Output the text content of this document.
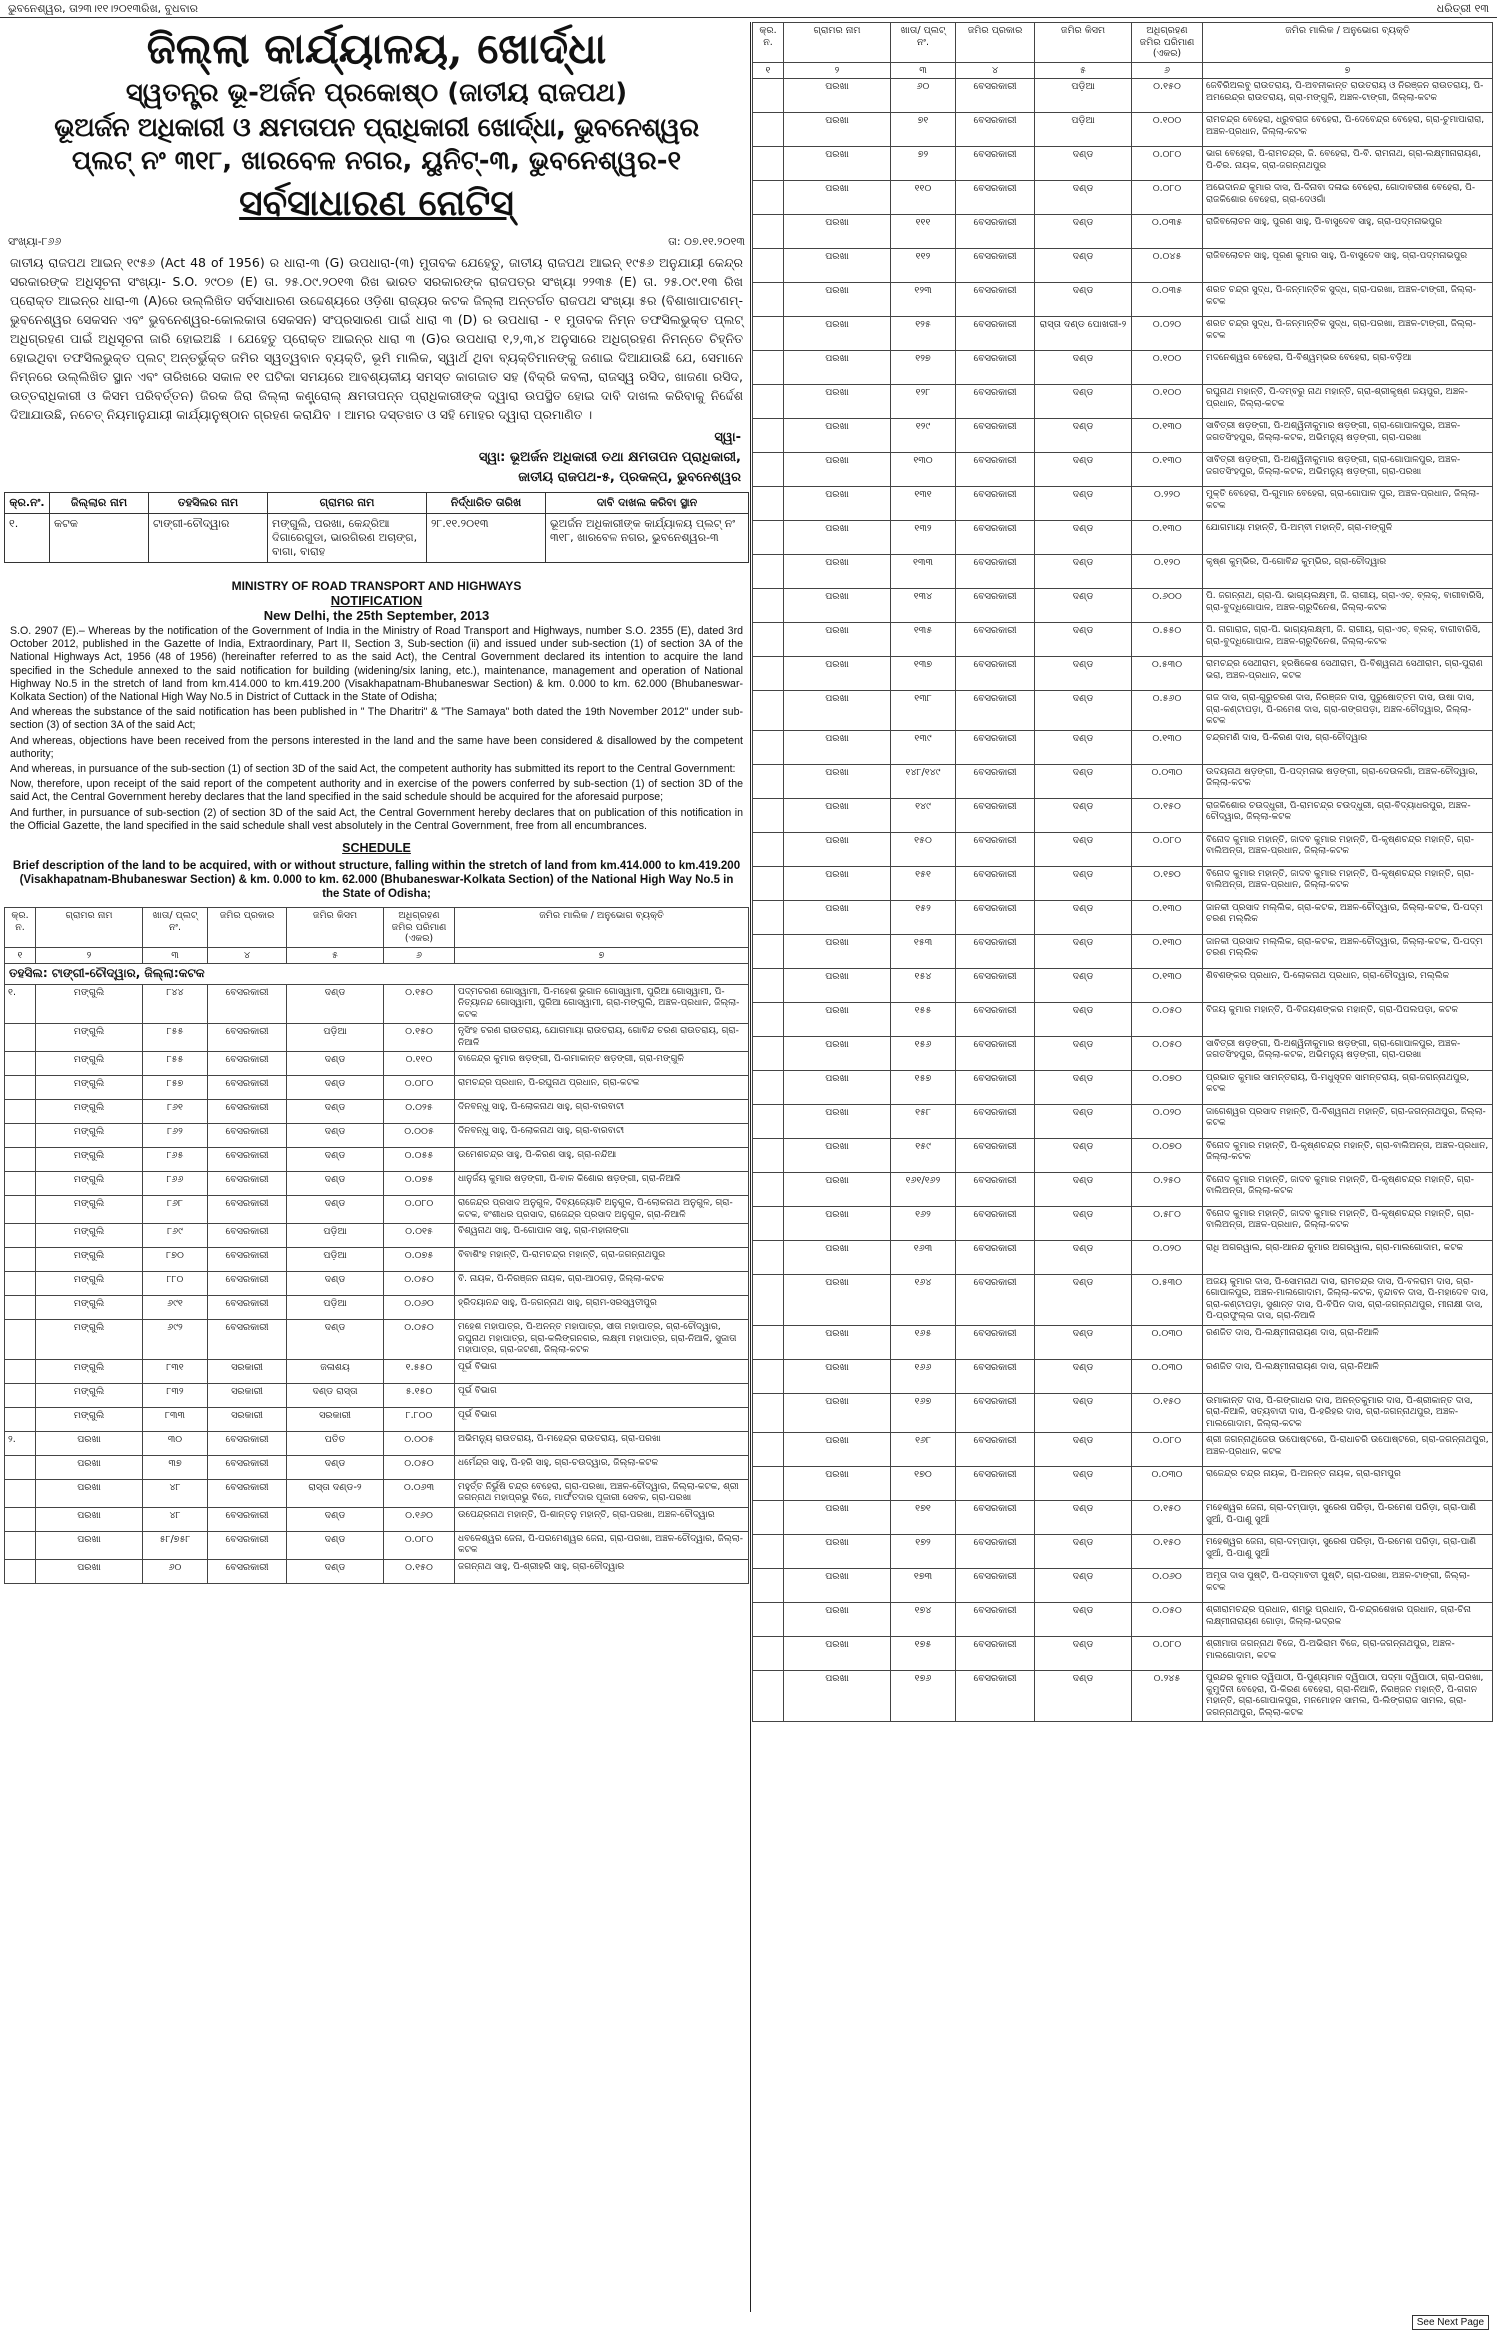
ଭୁବନେଶ୍ୱର, ତା୨୩।୧୧।୨୦୧୩ରିଖ, ବୁଧବାର	ଧରିତ୍ରୀ ୧୩
ଜିଲ୍ଲା କାର୍ଯ୍ୟାଳୟ, ଖୋର୍ଦ୍ଧା
ସ୍ୱତନ୍ତ୍ର ଭୂ-ଅର୍ଜନ ପ୍ରକୋଷ୍ଠ (ଜାତୀୟ ରାଜପଥ)
ଭୂଅର୍ଜନ ଅଧିକାରୀ ଓ କ୍ଷମତାପନ ପ୍ରାଧିକାରୀ ଖୋର୍ଦ୍ଧା, ଭୁବନେଶ୍ୱର
ପ୍ଲଟ୍ ନଂ ୩୧୮, ଖାରବେଳ ନଗର, ୟୁନିଟ୍-୩, ଭୁବନେଶ୍ୱର-୧
ସର୍ବସାଧାରଣ ନୋଟିସ୍
ସଂଖ୍ୟା-୮୬୬	ତା: ୦୭.୧୧.୨୦୧୩
ଜାତୀୟ ରାଜପଥ ଆଇନ୍ ୧୯୫୬ (Act 48 of 1956) ର ଧାରା-୩ (G) ଉପଧାରା-(୩) ମୁତାବକ ଯେହେତୁ, ଜାତୀୟ ରାଜପଥ ଆଇନ୍ ୧୯୫୬ ଅନୁଯାୟୀ କେନ୍ଦ୍ର ସରକାରଙ୍କ ଅଧିସୂଚନା ସଂଖ୍ୟା- S.O. ୨୯୦୭ (E) ତା. ୨୫.୦୯.୨୦୧୩ ରିଖ ଭାରତ ସରକାରଙ୍କ ରାଜପତ୍ର ସଂଖ୍ୟା ୨୨୩୫ (E) ତା. ୨୫.୦୯.୧୩ ରିଖ ପ୍ରୋକ୍ତ ଆଇନ୍‌ର ଧାରା-୩ (A)ରେ ଉଲ୍ଲିଖିତ ସର୍ବସାଧାରଣ ଉଦ୍ଦେଶ୍ୟରେ ଓଡ଼ିଶା ରାଜ୍ୟର କଟକ ଜିଲ୍ଲା ଅନ୍ତର୍ଗତ ରାଜପଥ ସଂଖ୍ୟା ୫ର (ବିଶାଖାପାଟଣମ୍-ଭୁବନେଶ୍ୱର ସେକସନ ଏବଂ ଭୁବନେଶ୍ୱର-କୋଲକାତା ସେକସନ) ସଂପ୍ରସାରଣ ପାଇଁ ଧାରା ୩ (D) ର ଉପଧାରା - ୧ ମୁତାବକ ନିମ୍ନ ତଫସିଲଭୁକ୍ତ ପ୍ଲଟ୍ ଅଧିଗ୍ରହଣ ପାଇଁ ଅଧିସୂଚନା ଜାରି ହୋଇଅଛି । ଯେହେତୁ ପ୍ରୋକ୍ତ ଆଇନ୍‌ର ଧାରା ୩ (G)ର ଉପଧାରା ୧,୨,୩,୪ ଅନୁସାରେ ଅଧିଗ୍ରହଣ ନିମନ୍ତେ ଚିହ୍ନିତ ହୋଇଥିବା ତଫସିଲଭୁକ୍ତ ପ୍ଲଟ୍ ଅନ୍ତର୍ଭୁକ୍ତ ଜମିର ସ୍ୱତ୍ୱବାନ ବ୍ୟକ୍ତି, ଭୂମି ମାଲିକ, ସ୍ୱାର୍ଥ ଥିବା ବ୍ୟକ୍ତିମାନଙ୍କୁ ଜଣାଇ ଦିଆଯାଉଛି ଯେ, ସେମାନେ ନିମ୍ନରେ ଉଲ୍ଲିଖିତ ସ୍ଥାନ ଏବଂ ତାରିଖରେ ସକାଳ ୧୧ ଘଟିକା ସମୟରେ ଆବଶ୍ୟକୀୟ ସମସ୍ତ କାଗଜାତ ସହ (ବିକ୍ରି କବଲା, ରାଜସ୍ୱ ରସିଦ, ଖାଜଣା ରସିଦ, ଉତ୍ତରାଧିକାରୀ ଓ କିସମ ପରିବର୍ତ୍ତନ) ଜିରକ ଜିରା ଜିଲ୍ଲା କଣ୍ଟ୍ରୋଲ୍ କ୍ଷମତାପନ୍ନ ପ୍ରାଧିକାରୀଙ୍କ ଦ୍ୱାରା ଉପସ୍ଥିତ ହୋଇ ଦାବି ଦାଖଲ କରିବାକୁ ନିର୍ଦ୍ଦେଶ ଦିଆଯାଉଛି, ନଚେତ୍ ନିୟମାନୁଯାୟୀ କାର୍ଯ୍ୟାନୁଷ୍ଠାନ ଗ୍ରହଣ କରାଯିବ । ଆମର ଦସ୍ତଖତ ଓ ସହି ମୋହର ଦ୍ୱାରା ପ୍ରମାଣିତ ।
ସ୍ୱା-
ସ୍ୱା: ଭୂଅର୍ଜନ ଅଧିକାରୀ ତଥା କ୍ଷମତାପନ ପ୍ରାଧିକାରୀ,
ଜାତୀୟ ରାଜପଥ-୫, ପ୍ରକଳ୍ପ, ଭୁବନେଶ୍ୱର
କ୍ର.ନଂ.	ଜିଲ୍ଲାର ନାମ	ତହସିଲର ନାମ	ଗ୍ରାମର ନାମ	ନିର୍ଦ୍ଧାରିତ ତାରିଖ	ଦାବି ଦାଖଲ କରିବା ସ୍ଥାନ
୧.	କଟକ	ଟାଙ୍ଗୀ-ଚୌଦ୍ୱାର	ମଙ୍ଗୁଲି, ପରଖା, କେନ୍ଦ୍ରିଆ ଦିଗାରେଗୁଡା, ଭାରଗିରଣ ଅଚାଙ୍ଗ, ବାଗା, ବାରାହ	୨୮.୧୧.୨୦୧୩	ଭୂଅର୍ଜନ ଅଧିକାରୀଙ୍କ କାର୍ଯ୍ୟାଳୟ ପ୍ଲଟ୍ ନଂ ୩୧୮, ଖାରବେଳ ନଗର, ଭୁବନେଶ୍ୱର-୩
MINISTRY OF ROAD TRANSPORT AND HIGHWAYS
NOTIFICATION
New Delhi, the 25th September, 2013

S.O. 2907 (E).– Whereas by the notification of the Government of India in the Ministry of Road Transport and Highways, number S.O. 2355 (E), dated 3rd October 2012, published in the Gazette of India, Extraordinary, Part II, Section 3, Sub-section (ii) and issued under sub-section (1) of section 3A of the National Highways Act, 1956 (48 of 1956) (hereinafter referred to as the said Act), the Central Government declared its intention to acquire the land specified in the Schedule annexed to the said notification for building (widening/six laning, etc.), maintenance, management and operation of National Highway No.5 in the stretch of land from km.414.000 to km.419.200 (Visakhapatnam-Bhubaneswar Section) & km. 0.000 to km. 62.000 (Bhubaneswar-Kolkata Section) of the National High Way No.5 in District of Cuttack in the State of Odisha;

And whereas the substance of the said notification has been published in " The Dharitri" & "The Samaya" both dated the 19th November 2012" under sub-section (3) of section 3A of the said Act;

And whereas, objections have been received from the persons interested in the land and the same have been considered & disallowed by the competent authority;

And whereas, in pursuance of the sub-section (1) of section 3D of the said Act, the competent authority has submitted its report to the Central Government:

Now, therefore, upon receipt of the said report of the competent authority and in exercise of the powers conferred by sub-section (1) of section 3D of the said Act, the Central Government hereby declares that the land specified in the said schedule should be acquired for the aforesaid purpose;

And further, in pursuance of sub-section (2) of section 3D of the said Act, the Central Government hereby declares that on publication of this notification in the Official Gazette, the land specified in the said schedule shall vest absolutely in the Central Government, free from all encumbrances.

SCHEDULE
Brief description of the land to be acquired, with or without structure, falling within the stretch of land from km.414.000 to km.419.200 (Visakhapatnam-Bhubaneswar Section) & km. 0.000 to km. 62.000 (Bhubaneswar-Kolkata Section) of the National High Way No.5 in the State of Odisha;
କ୍ର. ନ.	ଗ୍ରାମର ନାମ	ଖାତା/ ପ୍ଲଟ୍ ନଂ.	ଜମିର ପ୍ରକାର	ଜମିର କିସମ	ଅଧିଗ୍ରହଣ ଜମିର ପରିମାଣ (ଏକର)	ଜମିର ମାଲିକ / ଅନୁଭୋଗ ବ୍ୟକ୍ତି
୧	୨	୩	୪	୫	୬	୭
ତହସିଲ: ଟାଙ୍ଗୀ-ଚୌଦ୍ୱାର, ଜିଲ୍ଲା:କଟକ						
୧.	ମଙ୍ଗୁଲି	୮୪୪	ବେସରକାରୀ	ଦଣ୍ଡ	୦.୧୫୦	ପଦ୍ମଚରଣ ଗୋସ୍ୱାମୀ, ପି-ମହେଶ ଭୁଗାନ ଗୋସ୍ୱାମୀ, ପୁରିଆ ଗୋସ୍ୱାମୀ, ପି-ନିତ୍ୟାନନ୍ଦ ଗୋସ୍ୱାମୀ, ପୁରିଆ ଗୋସ୍ୱାମୀ, ଗ୍ରା-ମଙ୍ଗୁଲି, ଅଞ୍ଚଳ-ପ୍ରଧାନ, ଜିଲ୍ଲା-କଟକ
	ମଙ୍ଗୁଲି	୮୫୫	ବେସରକାରୀ	ପଡ଼ିଆ	୦.୧୫୦	ନୃସିଂହ ଚରଣ ରାଉତରାୟ, ଯୋଗମାୟା ରାଉତରାୟ, ଗୋବିନ୍ଦ ଚରଣ ରାଉତରାୟ, ଗ୍ରା-ନିଆଳି
	ମଙ୍ଗୁଲି	୮୫୫	ବେସରକାରୀ	ଦଣ୍ଡ	୦.୧୧୦	ବାଜେନ୍ଦ୍ର କୁମାର ଷଡ଼ଙ୍ଗୀ, ପି-ରମାକାନ୍ତ ଷଡ଼ଙ୍ଗୀ, ଗ୍ରା-ମଙ୍ଗୁଳି
	ମଙ୍ଗୁଲି	୮୫୭	ବେସରକାରୀ	ଦଣ୍ଡ	୦.୦୮୦	ରାମଚନ୍ଦ୍ର ପ୍ରଧାନ, ପି-ରଘୁନାଥ ପ୍ରଧାନ, ଗ୍ରା-କଟକ
	ମଙ୍ଗୁଲି	୮୬୧	ବେସରକାରୀ	ଦଣ୍ଡ	୦.୦୨୫	ଦିନବନ୍ଧୁ ସାହୁ, ପି-ଲୋକନାଥ ସାହୁ, ଗ୍ରା-ବାରବାଟୀ
	ମଙ୍ଗୁଲି	୮୬୨	ବେସରକାରୀ	ଦଣ୍ଡ	୦.୦୦୫	ଦିନବନ୍ଧୁ ସାହୁ, ପି-ଲୋକନାଥ ସାହୁ, ଗ୍ରା-ବାରବାଟୀ
	ମଙ୍ଗୁଲି	୮୬୫	ବେସରକାରୀ	ଦଣ୍ଡ	୦.୦୫୫	ଉମେଶଚନ୍ଦ୍ର ସାହୁ, ପି-କିରଣ ସାହୁ, ଗ୍ରା-ନନ୍ଦିଆ
	ମଙ୍ଗୁଲି	୮୬୬	ବେସରକାରୀ	ଦଣ୍ଡ	୦.୦୭୫	ଧାନୁର୍ଜୟ କୁମାର ଷଡ଼ଙ୍ଗୀ, ପି-ବାଳ କିଶୋର ଷଡ଼ଙ୍ଗୀ, ଗ୍ରା-ନିଆଳି
	ମଙ୍ଗୁଲି	୮୬୮	ବେସରକାରୀ	ଦଣ୍ଡ	୦.୦୮୦	ରାଜେନ୍ଦ୍ର ପ୍ରସାଦ ଅନୁଗୁଳ, ଦିବ୍ୟଜ୍ୟୋତି ଅନୁଗୁଳ, ପି-ଲୋକନାଥ ଅନୁଗୁଳ, ଗ୍ରା-କଟକ, ବଂଶୀଧର ପ୍ରସାଦ, ରାଜେନ୍ଦ୍ର ପ୍ରସାଦ ଅନୁଗୁଳ, ଗ୍ରା-ନିଆଳି
	ମଙ୍ଗୁଲି	୮୬୯	ବେସରକାରୀ	ପଡ଼ିଆ	୦.୦୧୫	ବିଶ୍ୱନାଥ ସାହୁ, ପି-ଗୋପାଳ ସାହୁ, ଗ୍ରା-ମହାନାଙ୍ଗା
	ମଙ୍ଗୁଲି	୮୭୦	ବେସରକାରୀ	ପଡ଼ିଆ	୦.୦୭୫	ବିବାଶିଂହ ମହାନ୍ତି, ପି-ରାମଚନ୍ଦ୍ର ମହାନ୍ତି, ଗ୍ରା-ଜଗନ୍ନାଥପୁର
	ମଙ୍ଗୁଲି	୮୮୦	ବେସରକାରୀ	ଦଣ୍ଡ	୦.୦୫୦	ବି. ନାୟକ, ପି-ନିରଞ୍ଜନ ନାୟକ, ଗ୍ରା-ଆଠଗଡ଼, ଜିଲ୍ଲା-କଟକ
	ମଙ୍ଗୁଲି	୬୯୧	ବେସରକାରୀ	ପଡ଼ିଆ	୦.୦୬୦	ହ୍ରିଦୟାନନ୍ଦ ସାହୁ, ପି-ଜଗନ୍ନାଥ ସାହୁ, ଗ୍ରାମ-ସରସ୍ୱତୀପୁର
	ମଙ୍ଗୁଲି	୬୯୨	ବେସରକାରୀ	ଦଣ୍ଡ	୦.୦୫୦	ମହେଶ ମହାପାତ୍ର, ପି-ଅନନ୍ତ ମହାପାତ୍ର, ସୀତା ମହାପାତ୍ର, ଗ୍ରା-ଚୌଦ୍ୱାର, ରଘୁନାଥ ମହାପାତ୍ର, ଗ୍ରା-କଲିଙ୍ଗନଗର, ଲକ୍ଷ୍ମୀ ମହାପାତ୍ର, ଗ୍ରା-ନିଆଳି, ସୁଜାତା ମହାପାତ୍ର, ଗ୍ରା-ଜଟଣୀ, ଜିଲ୍ଲା-କଟକ
	ମଙ୍ଗୁଲି	୮୩୧	ସରକାରୀ	ଜଳାଶୟ	୧.୫୫୦	ପୂର୍ଭ ବିଭାଗ
	ମଙ୍ଗୁଲି	୮୩୨	ସରକାରୀ	ଦଣ୍ଡ ରାସ୍ତା	୫.୧୫୦	ପୂର୍ଭ ବିଭାଗ
	ମଙ୍ଗୁଲି	୮୩୩	ସରକାରୀ	ସରକାରୀ	୮.୮୦୦	ପୂର୍ଭ ବିଭାଗ
୨.	ପରଖା	୩୦	ବେସରକାରୀ	ପତିତ	୦.୦୦୫	ଅଭିମନ୍ୟୁ ରାଉତରାୟ, ପି-ମହେନ୍ଦ୍ର ରାଉତରାୟ, ଗ୍ରା-ପରଖା
	ପରଖା	୩୭	ବେସରକାରୀ	ଦଣ୍ଡ	୦.୦୫୦	ଧର୍ମେନ୍ଦ୍ର ସାହୁ, ପି-ହରି ସାହୁ, ଗ୍ରା-ଚଉଦ୍ୱାର, ଜିଲ୍ଲା-କଟକ
	ପରଖା	୪୮	ବେସରକାରୀ	ରାସ୍ତା ଦଣ୍ଡ-୨	୦.୦୬୩	ମହୁର୍ତ୍ତ ନିର୍ଭୁଷି ଚନ୍ଦ୍ର ବେହେରା, ଗ୍ରା-ପରଖା, ଅଞ୍ଚଳ-ଚୌଦ୍ୱାର, ଜିଲ୍ଲା-କଟକ, ଶ୍ରୀ ଜଗନ୍ନାଥ ମହାପ୍ରଭୁ ବିଜେ, ମାର୍ଫତଦାର ପୂଜାରୀ ସେବକ, ଗ୍ରା-ପରଖା
	ପରଖା	୪୮	ବେସରକାରୀ	ଦଣ୍ଡ	୦.୧୬୦	ଉପେନ୍ଦ୍ରନାଥ ମହାନ୍ତି, ପି-ଶାନ୍ତନୁ ମହାନ୍ତି, ଗ୍ରା-ପରଖା, ଅଞ୍ଚଳ-ଚୌଦ୍ୱାର
	ପରଖା	୫୮/୭୫୮	ବେସରକାରୀ	ଦଣ୍ଡ	୦.୦୮୦	ଧବଳେଶ୍ୱର ଜେନା, ପି-ପରମେଶ୍ୱର ଜେନା, ଗ୍ରା-ପରଖା, ଅଞ୍ଚଳ-ଚୌଦ୍ୱାର, ଜିଲ୍ଲା-କଟକ
	ପରଖା	୬୦	ବେସରକାରୀ	ଦଣ୍ଡ	୦.୧୫୦	ଜଗନ୍ନାଥ ସାହୁ, ପି-ଶ୍ରୀହରି ସାହୁ, ଗ୍ରା-ଚୌଦ୍ୱାର
କ୍ର. ନ.	ଗ୍ରାମର ନାମ	ଖାତା/ ପ୍ଲଟ୍ ନଂ.	ଜମିର ପ୍ରକାର	ଜମିର କିସମ	ଅଧିଗ୍ରହଣ ଜମିର ପରିମାଣ (ଏକର)	ଜମିର ମାଲିକ / ଅନୁଭୋଗ ବ୍ୟକ୍ତି
୧	୨	୩	୪	୫	୬	୭
	ପରଖା	୬୦	ବେସରକାରୀ	ପଡ଼ିଆ	୦.୧୫୦	ଜେବିରିଅଲବୁ ରାଉତରାୟ, ପି-ଅବନୀକାନ୍ତ ରାଉତରାୟ ଓ ନିରଞ୍ଜନ ରାଉତରାୟ, ପି-ଅମରେନ୍ଦ୍ର ରାଉତରାୟ, ଗ୍ରା-ମଙ୍ଗୁଳି, ଅଞ୍ଚଳ-ଟାଙ୍ଗୀ, ଜିଲ୍ଲା-କଟକ
	ପରଖା	୭୧	ବେସରକାରୀ	ପଡ଼ିଆ	୦.୧୦୦	ରାମଚନ୍ଦ୍ର ବେହେରା, ଧ୍ରୁବରାଜ ବେହେରା, ପି-ଦେବେନ୍ଦ୍ର ବେହେରା, ଗ୍ରା-ଚୁମାପାରାରା, ଅଞ୍ଚଳ-ପ୍ରଧାନ, ଜିଲ୍ଲା-କଟକ
	ପରଖା	୭୨	ବେସରକାରୀ	ଦଣ୍ଡ	୦.୦୮୦	ଭାଗ ବେହେରା, ପି-ରାମଚନ୍ଦ୍ର, ଜି. ବେହେରା, ପି-ବି. ରାମନାଥ, ଗ୍ରା-ଲକ୍ଷ୍ମୀନାରାୟଣ, ପି-ଚିର. ନାୟକ, ଗ୍ରା-ଜଗନ୍ନାଥପୁର
	ପରଖା	୧୧୦	ବେସରକାରୀ	ଦଣ୍ଡ	୦.୦୮୦	ଅଭେଦାନନ୍ଦ କୁମାର ଦାସ, ପି-ଦିନାବା ଦଳାଇ ବେହେରା, ଗୋଦାବରୀଶ ବେହେରା, ପି-ରାଜକିଶୋର ବେହେରା, ଗ୍ରା-ଦେଓଗାଁ
	ପରଖା	୧୧୧	ବେସରକାରୀ	ଦଣ୍ଡ	୦.୦୩୫	ରାଜିବଲୋଚନ ସାହୁ, ପୁରଣ ସାହୁ, ପି-ବାସୁଦେବ ସାହୁ, ଗ୍ରା-ପଦ୍ମନାଭପୁର
	ପରଖା	୧୧୨	ବେସରକାରୀ	ଦଣ୍ଡ	୦.୦୪୫	ରାଜିବଲୋଚନ ସାହୁ, ପୂରଣ କୁମାର ସାହୁ, ପି-ବାସୁଦେବ ସାହୁ, ଗ୍ରା-ପଦ୍ମନାଭପୁର
	ପରଖା	୧୨୩	ବେସରକାରୀ	ଦଣ୍ଡ	୦.୦୩୫	ଶରତ ଚନ୍ଦ୍ର ସୁଦ୍ଧ, ପି-ଜନ୍ମାନ୍ତିକ ସୁଦ୍ଧ, ଗ୍ରା-ପରଖା, ଅଞ୍ଚଳ-ଟାଙ୍ଗୀ, ଜିଲ୍ଲା-କଟକ
	ପରଖା	୧୨୫	ବେସରକାରୀ	ରାସ୍ତା ଦଣ୍ଡ ପୋଖରୀ-୨	୦.୦୨୦	ଶରତ ଚନ୍ଦ୍ର ସୁଦ୍ଧ, ପି-ଜନ୍ମାନ୍ତିକ ସୁଦ୍ଧ, ଗ୍ରା-ପରଖା, ଅଞ୍ଚଳ-ଟାଙ୍ଗୀ, ଜିଲ୍ଲା-କଟକ
	ପରଖା	୧୨୭	ବେସରକାରୀ	ଦଣ୍ଡ	୦.୧୦୦	ମଦନେଶ୍ୱର ବେହେରା, ପି-ବିଶ୍ୱମ୍ଭର ବେହେରା, ଗ୍ରା-ବଡ଼ିଆ
	ପରଖା	୧୨୮	ବେସରକାରୀ	ଦଣ୍ଡ	୦.୧୦୦	ରଘୁନାଥ ମହାନ୍ତି, ପି-ଦମ୍ବରୁ ନାଥ ମହାନ୍ତି, ଗ୍ରା-ଶ୍ରୀକୃଷ୍ଣ ଜୟପୁର, ଅଞ୍ଚଳ-ପ୍ରଧାନ, ଜିଲ୍ଲା-କଟକ
	ପରଖା	୧୨୯	ବେସରକାରୀ	ଦଣ୍ଡ	୦.୧୩୦	ସାବିତ୍ରୀ ଷଡ଼ଙ୍ଗୀ, ପି-ଅଶ୍ୱିନୀକୁମାର ଷଡ଼ଙ୍ଗୀ, ଗ୍ରା-ଗୋପାଳପୁର, ଅଞ୍ଚଳ-ଜଗତସିଂହପୁର, ଜିଲ୍ଲା-କଟକ, ଅଭିମନ୍ୟୁ ଷଡ଼ଙ୍ଗୀ, ଗ୍ରା-ପରଖା
	ପରଖା	୧୩୦	ବେସରକାରୀ	ଦଣ୍ଡ	୦.୧୩୦	ସାବିତ୍ରୀ ଷଡ଼ଙ୍ଗୀ, ପି-ଅଶ୍ୱିନୀକୁମାର ଷଡ଼ଙ୍ଗୀ, ଗ୍ରା-ଗୋପାଳପୁର, ଅଞ୍ଚଳ-ଜଗତସିଂହପୁର, ଜିଲ୍ଲା-କଟକ, ଅଭିମନ୍ୟୁ ଷଡ଼ଙ୍ଗୀ, ଗ୍ରା-ପରଖା
	ପରଖା	୧୩୧	ବେସରକାରୀ	ଦଣ୍ଡ	୦.୨୨୦	ମୁକ୍ତି ବେହେରା, ପି-ଗୁମାନ ବେହେରା, ଗ୍ରା-ଗୋପାଳ ପୁର, ଅଞ୍ଚଳ-ପ୍ରଧାନ, ଜିଲ୍ଲା-କଟକ
	ପରଖା	୧୩୨	ବେସରକାରୀ	ଦଣ୍ଡ	୦.୧୩୦	ଯୋଗମାୟା ମହାନ୍ତି, ପି-ଅମ୍ବୀ ମହାନ୍ତି, ଗ୍ରା-ମଙ୍ଗୁଳି
	ପରଖା	୧୩୩	ବେସରକାରୀ	ଦଣ୍ଡ	୦.୧୨୦	କୃଷ୍ଣ କୁମ୍ଭିର, ପି-ଗୋବିନ୍ଦ କୁମ୍ଭିର, ଗ୍ରା-ଚୌଦ୍ୱାର
	ପରଖା	୧୩୪	ବେସରକାରୀ	ଦଣ୍ଡ	୦.୬୦୦	ପି. ଜଗନ୍ନାଥ, ଗ୍ରା-ପି. ଭାଗ୍ୟଲକ୍ଷ୍ମୀ, ଜି. ରାଗୀୟ, ଗ୍ରା-ଏଚ୍. ବ୍ଲକ୍, ବାଗୀବାରିସି, ଗ୍ରା-ବୁଦ୍ଧିଗୋପାଳ, ଅଞ୍ଚଳ-ଚାରୁଦିନେଶ, ଜିଲ୍ଲା-କଟକ
	ପରଖା	୧୩୫	ବେସରକାରୀ	ଦଣ୍ଡ	୦.୫୫୦	ପି. ନାଗାରାଜ, ଗ୍ରା-ପି. ଭାଗ୍ୟଲକ୍ଷ୍ମୀ, ଜି. ରାଗୀୟ, ଗ୍ରା-ଏଚ୍. ବ୍ଲକ୍, ବାଗୀବାରିସି, ଗ୍ରା-ବୁଦ୍ଧିଗୋପାଳ, ଅଞ୍ଚଳ-ଚାରୁଦିନେଶ, ଜିଲ୍ଲା-କଟକ
	ପରଖା	୧୩୭	ବେସରକାରୀ	ଦଣ୍ଡ	୦.୫୩୦	ରାମଚନ୍ଦ୍ର ସେଥୀରାମ, ହ୍ରଷିକେଶ ସେଥୀରାମ, ପି-ବିଶ୍ୱନାଥ ସେଥୀରାମ, ଗ୍ରା-ପୁରାଣ ଭରା, ଅଞ୍ଚଳ-ପ୍ରଧାନ, କଟକ
	ପରଖା	୧୩୮	ବେସରକାରୀ	ଦଣ୍ଡ	୦.୫୬୦	ଗଜ ଦାସ, ଗ୍ରା-ଗୁରୁଚରଣ ଦାସ, ନିରଞ୍ଜନ ଦାସ, ପୁରୁଷୋତ୍ତମ ଦାସ, ଉଷା ଦାସ, ଗ୍ରା-କଣ୍ଟାପଡ଼ା, ପି-ରମେଶ ଦାସ, ଗ୍ରା-ଗଙ୍ଗପଡ଼ା, ଅଞ୍ଚଳ-ଚୌଦ୍ୱାର, ଜିଲ୍ଲା-କଟକ
	ପରଖା	୧୩୯	ବେସରକାରୀ	ଦଣ୍ଡ	୦.୧୩୦	ଚନ୍ଦ୍ରମଣି ଦାସ, ପି-କିରଣ ଦାସ, ଗ୍ରା-ଚୌଦ୍ୱାର
	ପରଖା	୧୪୮/୧୪୯	ବେସରକାରୀ	ଦଣ୍ଡ	୦.୦୩୦	ଉଦୟନାଥ ଷଡ଼ଙ୍ଗୀ, ପି-ପଦ୍ମନାଭ ଷଡ଼ଙ୍ଗୀ, ଗ୍ରା-ଦେଉଳଗାଁ, ଅଞ୍ଚଳ-ଚୌଦ୍ୱାର, ଜିଲ୍ଲା-କଟକ
	ପରଖା	୧୪୯	ବେସରକାରୀ	ଦଣ୍ଡ	୦.୧୫୦	ରାଜକିଶୋର ଚଉଦ୍ଧୁରୀ, ପି-ରାମଚନ୍ଦ୍ର ଚଉଦ୍ଧୁରୀ, ଗ୍ରା-ବିଦ୍ୟାଧରପୁର, ଅଞ୍ଚଳ-ଚୌଦ୍ୱାର, ଜିଲ୍ଲା-କଟକ
	ପରଖା	୧୫୦	ବେସରକାରୀ	ଦଣ୍ଡ	୦.୦୮୦	ବିନୋଦ କୁମାର ମହାନ୍ତି, ଜାଦବ କୁମାର ମହାନ୍ତି, ପି-କୃଷ୍ଣଚନ୍ଦ୍ର ମହାନ୍ତି, ଗ୍ରା-ବାଲିଅନ୍ତା, ଅଞ୍ଚଳ-ପ୍ରଧାନ, ଜିଲ୍ଲା-କଟକ
	ପରଖା	୧୫୧	ବେସରକାରୀ	ଦଣ୍ଡ	୦.୧୭୦	ବିନୋଦ କୁମାର ମହାନ୍ତି, ଜାଦବ କୁମାର ମହାନ୍ତି, ପି-କୃଷ୍ଣଚନ୍ଦ୍ର ମହାନ୍ତି, ଗ୍ରା-ବାଲିଅନ୍ତା, ଅଞ୍ଚଳ-ପ୍ରଧାନ, ଜିଲ୍ଲା-କଟକ
	ପରଖା	୧୫୨	ବେସରକାରୀ	ଦଣ୍ଡ	୦.୧୩୦	ଜାନକୀ ପ୍ରସାଦ ମଲ୍ଲିକ, ଗ୍ରା-କଟକ, ଅଞ୍ଚଳ-ଚୌଦ୍ୱାର, ଜିଲ୍ଲା-କଟକ, ପି-ପଦ୍ମ ଚରଣ ମଲ୍ଲିକ
	ପରଖା	୧୫୩	ବେସରକାରୀ	ଦଣ୍ଡ	୦.୧୩୦	ଜାନକୀ ପ୍ରସାଦ ମଲ୍ଲିକ, ଗ୍ରା-କଟକ, ଅଞ୍ଚଳ-ଚୌଦ୍ୱାର, ଜିଲ୍ଲା-କଟକ, ପି-ପଦ୍ମ ଚରଣ ମଲ୍ଲିକ
	ପରଖା	୧୫୪	ବେସରକାରୀ	ଦଣ୍ଡ	୦.୧୩୦	ଶିବଶଙ୍କର ପ୍ରଧାନ, ପି-ଲୋକନାଥ ପ୍ରଧାନ, ଗ୍ରା-ଚୌଦ୍ୱାର, ମଲ୍ଲିକ
	ପରଖା	୧୫୫	ବେସରକାରୀ	ଦଣ୍ଡ	୦.୦୫୦	ବିଜୟ କୁମାର ମହାନ୍ତି, ପି-ବିଜୟଶଙ୍କର ମହାନ୍ତି, ଗ୍ରା-ପିପଲପଡ଼ା, କଟକ
	ପରଖା	୧୫୬	ବେସରକାରୀ	ଦଣ୍ଡ	୦.୦୫୦	ସାବିତ୍ରୀ ଷଡ଼ଙ୍ଗୀ, ପି-ଅଶ୍ୱିନୀକୁମାର ଷଡ଼ଙ୍ଗୀ, ଗ୍ରା-ଗୋପାଳପୁର, ଅଞ୍ଚଳ-ଜଗତସିଂହପୁର, ଜିଲ୍ଲା-କଟକ, ଅଭିମନ୍ୟୁ ଷଡ଼ଙ୍ଗୀ, ଗ୍ରା-ପରଖା
	ପରଖା	୧୫୭	ବେସରକାରୀ	ଦଣ୍ଡ	୦.୦୭୦	ପ୍ରଭାତ କୁମାର ସାମନ୍ତରାୟ, ପି-ମଧୁସୂଦନ ସାମନ୍ତରାୟ, ଗ୍ରା-ଜଗନ୍ନାଥପୁର, କଟକ
	ପରଖା	୧୫୮	ବେସରକାରୀ	ଦଣ୍ଡ	୦.୦୨୦	ଜାଗେଶ୍ୱର ପ୍ରସାଦ ମହାନ୍ତି, ପି-ବିଶ୍ୱନାଥ ମହାନ୍ତି, ଗ୍ରା-ଜଗନ୍ନାଥପୁର, ଜିଲ୍ଲା-କଟକ
	ପରଖା	୧୫୯	ବେସରକାରୀ	ଦଣ୍ଡ	୦.୦୭୦	ବିନୋଦ କୁମାର ମହାନ୍ତି, ପି-କୃଷ୍ଣଚନ୍ଦ୍ର ମହାନ୍ତି, ଗ୍ରା-ବାଲିଅନ୍ତା, ଅଞ୍ଚଳ-ପ୍ରଧାନ, ଜିଲ୍ଲା-କଟକ
	ପରଖା	୧୬୧/୧୬୨	ବେସରକାରୀ	ଦଣ୍ଡ	୦.୨୫୦	ବିନୋଦ କୁମାର ମହାନ୍ତି, ଜାଦବ କୁମାର ମହାନ୍ତି, ପି-କୃଷ୍ଣଚନ୍ଦ୍ର ମହାନ୍ତି, ଗ୍ରା-ବାଲିଅନ୍ତା, ଜିଲ୍ଲା-କଟକ
	ପରଖା	୧୬୨	ବେସରକାରୀ	ଦଣ୍ଡ	୦.୫୮୦	ବିନୋଦ କୁମାର ମହାନ୍ତି, ଜାଦବ କୁମାର ମହାନ୍ତି, ପି-କୃଷ୍ଣଚନ୍ଦ୍ର ମହାନ୍ତି, ଗ୍ରା-ବାଲିଅନ୍ତା, ଅଞ୍ଚଳ-ପ୍ରଧାନ, ଜିଲ୍ଲା-କଟକ
	ପରଖା	୧୬୩	ବେସରକାରୀ	ଦଣ୍ଡ	୦.୦୨୦	ରାଧି ଅଗରୱାଲ, ଗ୍ରା-ଆନନ୍ଦ କୁମାର ଅଗରୱାଲ, ଗ୍ରା-ମାଲଗୋଦାମ, କଟକ
	ପରଖା	୧୬୪	ବେସରକାରୀ	ଦଣ୍ଡ	୦.୫୩୦	ଅଜୟ କୁମାର ଦାସ, ପି-ସୋମନାଥ ଦାସ, ରାମଚନ୍ଦ୍ର ଦାସ, ପି-ବଳରାମ ଦାସ, ଗ୍ରା-ଗୋପାଳପୁର, ଅଞ୍ଚଳ-ମାଲଗୋଦାମ, ଜିଲ୍ଲା-କଟକ, ବୃନ୍ଦାବନ ଦାସ, ପି-ମହାଦେବ ଦାସ, ଗ୍ରା-କଣ୍ଟାପଡ଼ା, ସୁଶାନ୍ତ ଦାସ, ପି-ବିପିନ ଦାସ, ଗ୍ରା-ଜଗନ୍ନାଥପୁର, ମୀନାକ୍ଷୀ ଦାସ, ପି-ପ୍ରଫୁଲ୍ଲ ଦାସ, ଗ୍ରା-ନିଆଳି
	ପରଖା	୧୬୫	ବେସରକାରୀ	ଦଣ୍ଡ	୦.୦୩୦	ରଣଜିତ ଦାସ, ପି-ଲକ୍ଷ୍ମୀନାରାୟଣ ଦାସ, ଗ୍ରା-ନିଆଳି
	ପରଖା	୧୬୬	ବେସରକାରୀ	ଦଣ୍ଡ	୦.୦୩୦	ରଣଜିତ ଦାସ, ପି-ଲକ୍ଷ୍ମୀନାରାୟଣ ଦାସ, ଗ୍ରା-ନିଆଳି
	ପରଖା	୧୬୭	ବେସରକାରୀ	ଦଣ୍ଡ	୦.୧୫୦	ଉମାକାନ୍ତ ଦାସ, ପି-ଗଙ୍ଗାଧର ଦାସ, ଅନନ୍ତକୁମାର ଦାସ, ପି-ଶ୍ରୀକାନ୍ତ ଦାସ, ଗ୍ରା-ନିଆଳି, ସତ୍ୟବାଦୀ ଦାସ, ପି-ହରିହର ଦାସ, ଗ୍ରା-ଜଗନ୍ନାଥପୁର, ଅଞ୍ଚଳ-ମାଲଗୋଦାମ, ଜିଲ୍ଲା-କଟକ
	ପରଖା	୧୬୮	ବେସରକାରୀ	ଦଣ୍ଡ	୦.୦୮୦	ଶ୍ରୀ ଜଗନ୍ନାଥିଜେଉ ଉପୋଷ୍ଟରେ, ପି-ରାଧାଚରି ଉପୋଷ୍ଟରେ, ଗ୍ରା-ଜଗନ୍ନାଥପୁର, ଅଞ୍ଚଳ-ପ୍ରଧାନ, କଟକ
	ପରଖା	୧୭୦	ବେସରକାରୀ	ଦଣ୍ଡ	୦.୦୩୦	ରାଜେନ୍ଦ୍ର ଚନ୍ଦ୍ର ନାୟକ, ପି-ଅନନ୍ତ ନାୟକ, ଗ୍ରା-ରାମପୁର
	ପରଖା	୧୭୧	ବେସରକାରୀ	ଦଣ୍ଡ	୦.୧୫୦	ମହେଶ୍ୱର ଜେନା, ଗ୍ରା-ଦମ୍ପାଡ଼ା, ସୁରେଶ ପରିଡ଼ା, ପି-ରମେଶ ପରିଡ଼ା, ଗ୍ରା-ପାଣି ସୁଆଁ, ପି-ପାଣୁ ସୁଆଁ
	ପରଖା	୧୭୨	ବେସରକାରୀ	ଦଣ୍ଡ	୦.୧୫୦	ମହେଶ୍ୱର ଜେନା, ଗ୍ରା-ଦମ୍ପାଡ଼ା, ସୁରେଶ ପରିଡ଼ା, ପି-ରମେଶ ପରିଡ଼ା, ଗ୍ରା-ପାଣି ସୁଆଁ, ପି-ପାଣୁ ସୁଆଁ
	ପରଖା	୧୭୩	ବେସରକାରୀ	ଦଣ୍ଡ	୦.୦୬୦	ଅମୃତା ଦାସ ପୁଷ୍ଟି, ପି-ପଦ୍ମାବତୀ ପୁଷ୍ଟି, ଗ୍ରା-ପରଖା, ଅଞ୍ଚଳ-ଟାଙ୍ଗୀ, ଜିଲ୍ଲା-କଟକ
	ପରଖା	୧୭୪	ବେସରକାରୀ	ଦଣ୍ଡ	୦.୦୫୦	ଶ୍ରୀରାମଚନ୍ଦ୍ର ପ୍ରଧାନ, ଶମ୍ଭୁ ପ୍ରଧାନ, ପି-ଚନ୍ଦ୍ରଶେଖର ପ୍ରଧାନ, ଗ୍ରା-ଚିନା ଲକ୍ଷ୍ମୀନାରାୟଣ ଗୋଡ଼ା, ଜିଲ୍ଲା-ଭଦ୍ରକ
	ପରଖା	୧୭୫	ବେସରକାରୀ	ଦଣ୍ଡ	୦.୦୮୦	ଶ୍ରୀମାତା ଜଗନ୍ନାଥ ବିଜେ, ପି-ଅଭିରାମ ବିଜେ, ଗ୍ରା-ଜଗନ୍ନାଥପୁର, ଅଞ୍ଚଳ-ମାଲଗୋଦାମ, କଟକ
	ପରଖା	୧୭୬	ବେସରକାରୀ	ଦଣ୍ଡ	୦.୨୪୫	ପୁରନ୍ଦର କୁମାର ଦ୍ୱିପାଠୀ, ପି-ପୁଣ୍ୟମାନ ଦ୍ୱିପାଠୀ, ପଦ୍ମା ଦ୍ୱିପାଠୀ, ଗ୍ରା-ପରଖା, କୁମୁଦିନୀ ବେହେରା, ପି-କିରଣ ବେହେରା, ଗ୍ରା-ନିଆଳି, ନିରଞ୍ଜନ ମହାନ୍ତି, ପି-ଗଗନ ମହାନ୍ତି, ଗ୍ରା-ଗୋପାଳପୁର, ମନମୋହନ ସାମଲ, ପି-ଲିଙ୍ଗରାଜ ସାମଲ, ଗ୍ରା-ଜଗନ୍ନାଥପୁର, ଜିଲ୍ଲା-କଟକ
See Next Page
